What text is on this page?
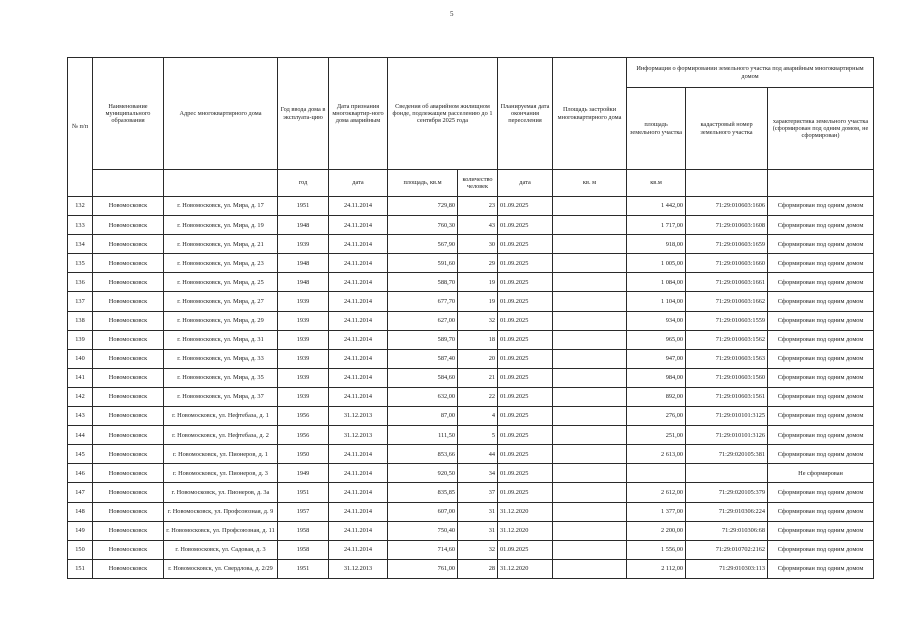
5
№ п/п	Наименование муниципального образования	Адрес многоквартирного дома	Год ввода дома в эксплуата-цию	Дата признания многоквартир-ного дома аварийным	Сведения об аварийном жилищном фонде, подлежащем расселению до 1 сентября 2025 года		Планируемая дата окончания переселения	Площадь застройки многоквартирного дома	Информация о формировании земельного участка под аварийным многоквартирным домом		
									площадь земельного участка	кадастровый номер земельного участка	характеристика земельного участка (сформирован под одним домом, не сформирован)
			год	дата	площадь, кв.м	количество человек	дата	кв. м	кв.м		
132	Новомосковск	г. Новомосковск, ул. Мира, д. 17	1951	24.11.2014	729,80	23	01.09.2025		1 442,00	71:29:010603:1606	Сформирован под одним домом
133	Новомосковск	г. Новомосковск, ул. Мира, д. 19	1948	24.11.2014	760,30	43	01.09.2025		1 717,00	71:29:010603:1608	Сформирован под одним домом
134	Новомосковск	г. Новомосковск, ул. Мира, д. 21	1939	24.11.2014	567,90	30	01.09.2025		918,00	71:29:010603:1659	Сформирован под одним домом
135	Новомосковск	г. Новомосковск, ул. Мира, д. 23	1948	24.11.2014	591,60	29	01.09.2025		1 005,00	71:29:010603:1660	Сформирован под одним домом
136	Новомосковск	г. Новомосковск, ул. Мира, д. 25	1948	24.11.2014	588,70	19	01.09.2025		1 084,00	71:29:010603:1661	Сформирован под одним домом
137	Новомосковск	г. Новомосковск, ул. Мира, д. 27	1939	24.11.2014	677,70	19	01.09.2025		1 104,00	71:29:010603:1662	Сформирован под одним домом
138	Новомосковск	г. Новомосковск, ул. Мира, д. 29	1939	24.11.2014	627,00	32	01.09.2025		934,00	71:29:010603:1559	Сформирован под одним домом
139	Новомосковск	г. Новомосковск, ул. Мира, д. 31	1939	24.11.2014	589,70	18	01.09.2025		965,00	71:29:010603:1562	Сформирован под одним домом
140	Новомосковск	г. Новомосковск, ул. Мира, д. 33	1939	24.11.2014	587,40	20	01.09.2025		947,00	71:29:010603:1563	Сформирован под одним домом
141	Новомосковск	г. Новомосковск, ул. Мира, д. 35	1939	24.11.2014	584,60	21	01.09.2025		984,00	71:29:010603:1560	Сформирован под одним домом
142	Новомосковск	г. Новомосковск, ул. Мира, д. 37	1939	24.11.2014	632,00	22	01.09.2025		892,00	71:29:010603:1561	Сформирован под одним домом
143	Новомосковск	г. Новомосковск, ул. Нефтебаза, д. 1	1956	31.12.2013	87,00	4	01.09.2025		276,00	71:29:010101:3125	Сформирован под одним домом
144	Новомосковск	г. Новомосковск, ул. Нефтебаза, д. 2	1956	31.12.2013	111,50	5	01.09.2025		251,00	71:29:010101:3126	Сформирован под одним домом
145	Новомосковск	г. Новомосковск, ул. Пионеров, д. 1	1950	24.11.2014	853,66	44	01.09.2025		2 613,00	71:29:020105:381	Сформирован под одним домом
146	Новомосковск	г. Новомосковск, ул. Пионеров, д. 3	1949	24.11.2014	920,50	34	01.09.2025				Не сформирован
147	Новомосковск	г. Новомосковск, ул. Пионеров, д. 3а	1951	24.11.2014	835,85	37	01.09.2025		2 612,00	71:29:020105:379	Сформирован под одним домом
148	Новомосковск	г. Новомосковск, ул. Профсоюзная, д. 9	1957	24.11.2014	607,00	31	31.12.2020		1 377,00	71:29:010306:224	Сформирован под одним домом
149	Новомосковск	г. Новомосковск, ул. Профсоюзная, д. 11	1958	24.11.2014	750,40	31	31.12.2020		2 200,00	71:29:010306:68	Сформирован под одним домом
150	Новомосковск	г. Новомосковск, ул. Садовая, д. 3	1958	24.11.2014	714,60	32	01.09.2025		1 556,00	71:29:010702:2162	Сформирован под одним домом
151	Новомосковск	г. Новомосковск, ул. Свердлова, д. 2/29	1951	31.12.2013	761,00	28	31.12.2020		2 112,00	71:29:010303:113	Сформирован под одним домом
